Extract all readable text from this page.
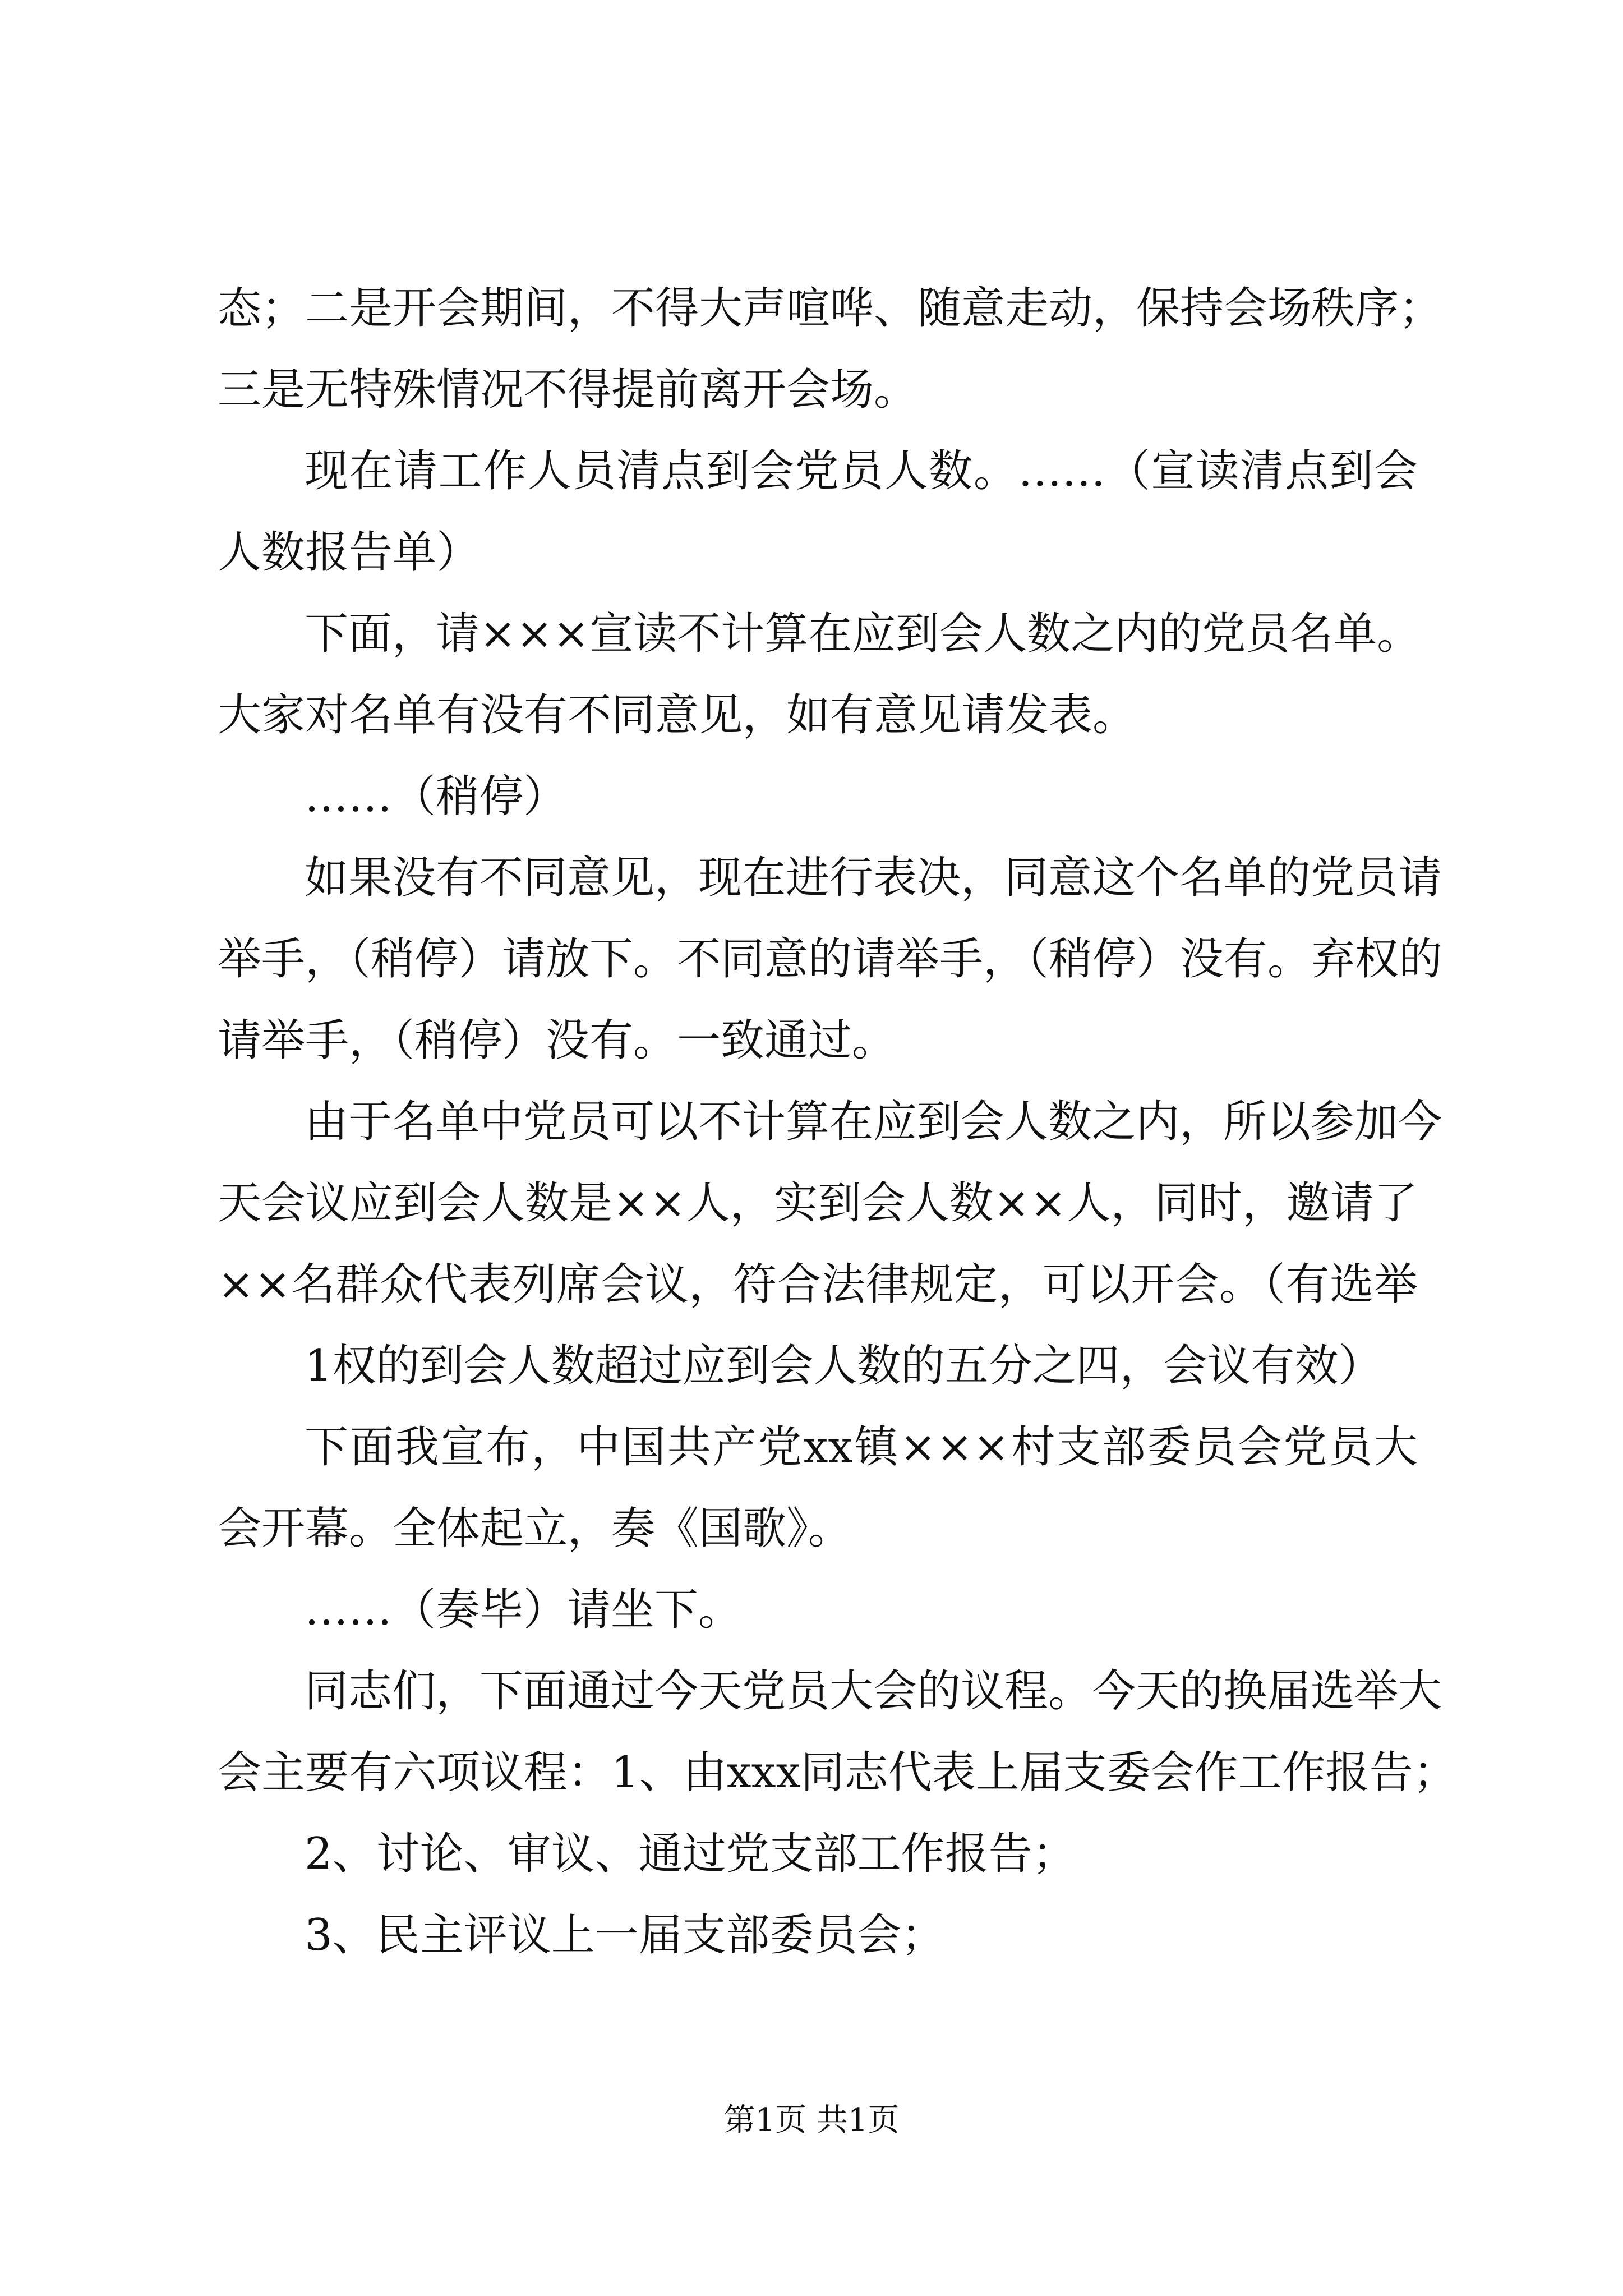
态；二是开会期间，不得大声喧哗、随意走动，保持会场秩序；
三是无特殊情况不得提前离开会场。
现在请工作人员清点到会党员人数。……（宣读清点到会
人数报告单）
下面，请×××宣读不计算在应到会人数之内的党员名单。
大家对名单有没有不同意见，如有意见请发表。
……（稍停）
如果没有不同意见，现在进行表决，同意这个名单的党员请
举手，（稍停）请放下。不同意的请举手，（稍停）没有。弃权的
请举手，（稍停）没有。一致通过。
由于名单中党员可以不计算在应到会人数之内，所以参加今
天会议应到会人数是××人，实到会人数××人，同时，邀请了
××名群众代表列席会议，符合法律规定，可以开会。（有选举
1权的到会人数超过应到会人数的五分之四，会议有效）
下面我宣布，中国共产党xx镇×××村支部委员会党员大
会开幕。全体起立，奏《国歌》。
……（奏毕）请坐下。
同志们，下面通过今天党员大会的议程。今天的换届选举大
会主要有六项议程：1、由xxx同志代表上届支委会作工作报告；
2、讨论、审议、通过党支部工作报告；
3、民主评议上一届支部委员会；
第1页 共1页
